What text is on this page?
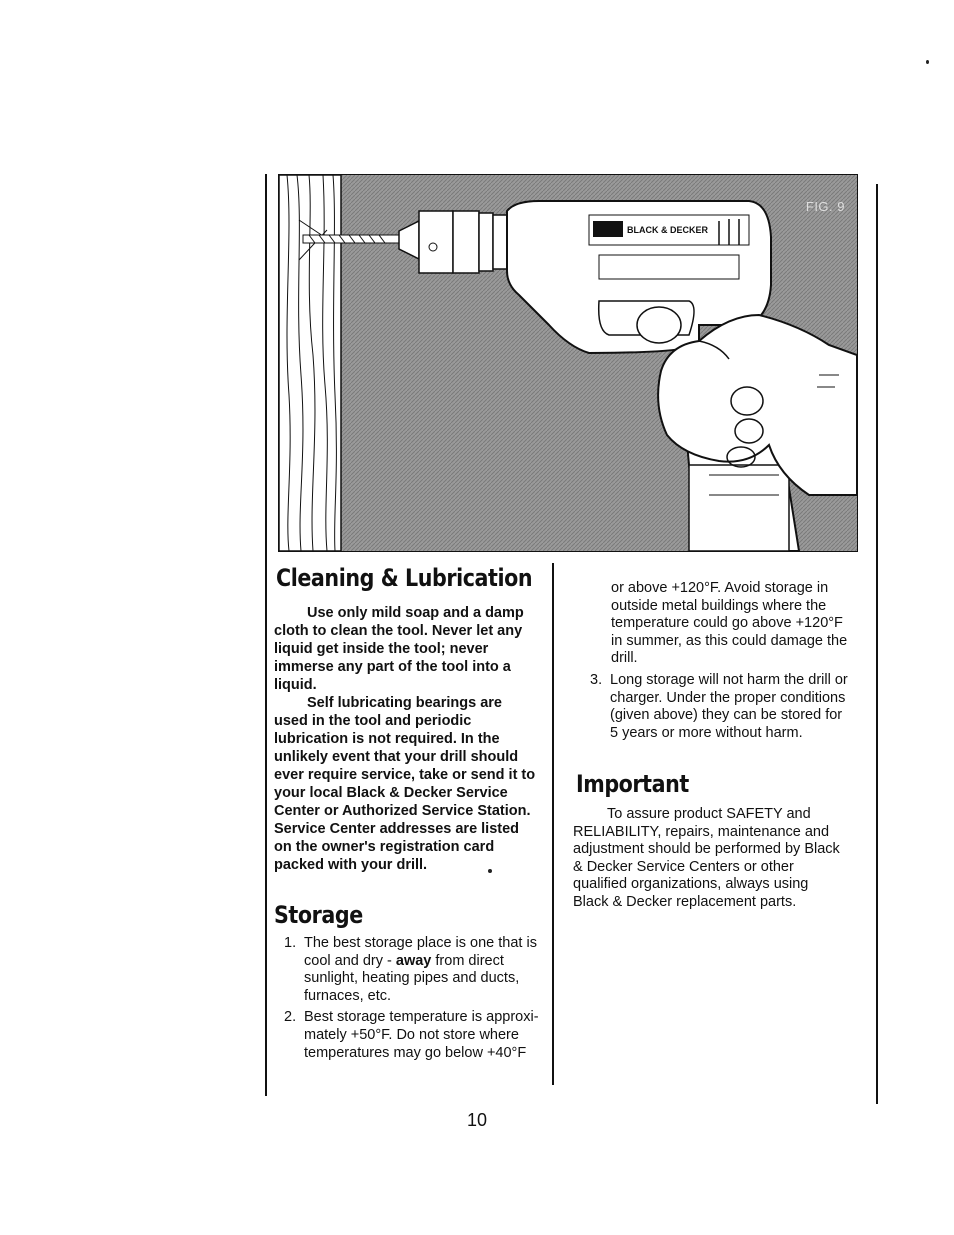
BLACK & DECKER
FIG. 9
Cleaning & Lubrication

Use only mild soap and a damp cloth to clean the tool. Never let any liquid get inside the tool; never immerse any part of the tool into a liquid.

Self lubricating bearings are used in the tool and periodic lubrication is not required. In the unlikely event that your drill should ever require service, take or send it to your local Black & Decker Service Center or Authorized Service Station. Service Center addresses are listed on the owner's registration card packed with your drill.

Storage
1. The best storage place is one that is cool and dry - away from direct sunlight, heating pipes and ducts, furnaces, etc.
2. Best storage temperature is approximately +50°F. Do not store where temperatures may go below +40°F

or above +120°F. Avoid storage in outside metal buildings where the temperature could go above +120°F in summer, as this could damage the drill.

3. Long storage will not harm the drill or charger. Under the proper conditions (given above) they can be stored for 5 years or more without harm.
Important

To assure product SAFETY and RELIABILITY, repairs, maintenance and adjustment should be performed by Black & Decker Service Centers or other qualified organizations, always using Black & Decker replacement parts.

10
